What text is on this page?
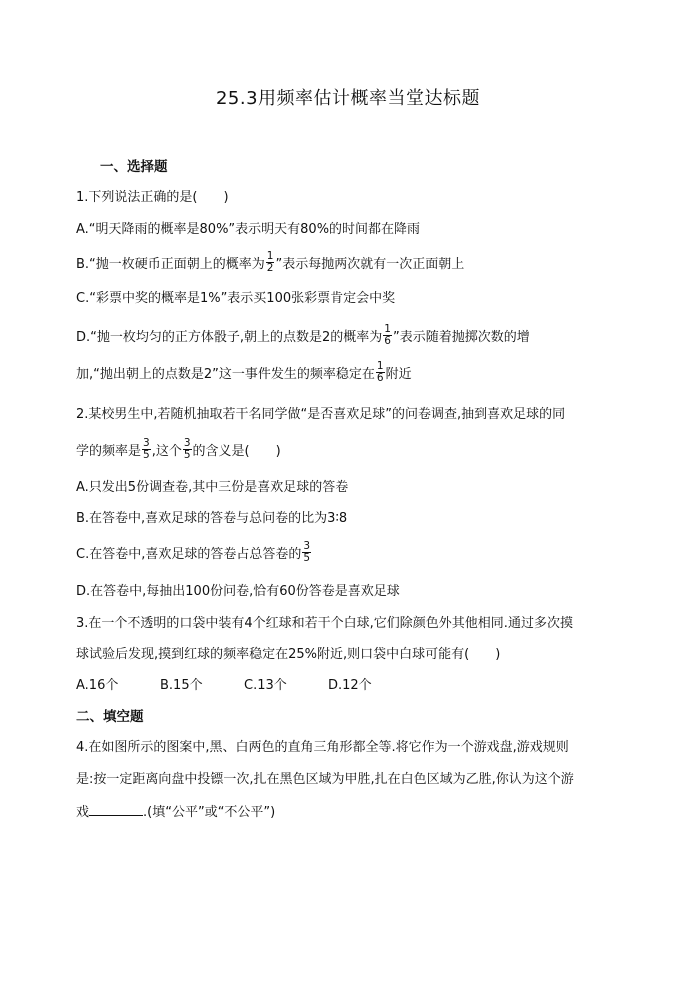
25.3用频率估计概率当堂达标题
一、选择题
1.下列说法正确的是(　　)
A.“明天降雨的概率是80%”表示明天有80%的时间都在降雨
B.“抛一枚硬币正面朝上的概率为 $\frac{1}{2}$ ”表示每抛两次就有一次正面朝上
C.“彩票中奖的概率是1%”表示买100张彩票肯定会中奖
D.“抛一枚均匀的正方体骰子,朝上的点数是2的概率为 $\frac{1}{6}$ ”表示随着抛掷次数的增
加,“抛出朝上的点数是2”这一事件发生的频率稳定在 $\frac{1}{6}$ 附近
2.某校男生中,若随机抽取若干名同学做“是否喜欢足球”的问卷调查,抽到喜欢足球的同
学的频率是 $\frac{3}{5}$ ,这个 $\frac{3}{5}$ 的含义是(　　)
A.只发出5份调查卷,其中三份是喜欢足球的答卷
B.在答卷中,喜欢足球的答卷与总问卷的比为3∶8
C.在答卷中,喜欢足球的答卷占总答卷的 $\frac{3}{5}$
D.在答卷中,每抽出100份问卷,恰有60份答卷是喜欢足球
3.在一个不透明的口袋中装有4个红球和若干个白球,它们除颜色外其他相同.通过多次摸
球试验后发现,摸到红球的频率稳定在25%附近,则口袋中白球可能有(　　)
A.16个	B.15个	C.13个	D.12个
二、填空题
4.在如图所示的图案中,黑、白两色的直角三角形都全等.将它作为一个游戏盘,游戏规则
是:按一定距离向盘中投镖一次,扎在黑色区域为甲胜,扎在白色区域为乙胜,你认为这个游
戏	.(填“公平”或“不公平”)
